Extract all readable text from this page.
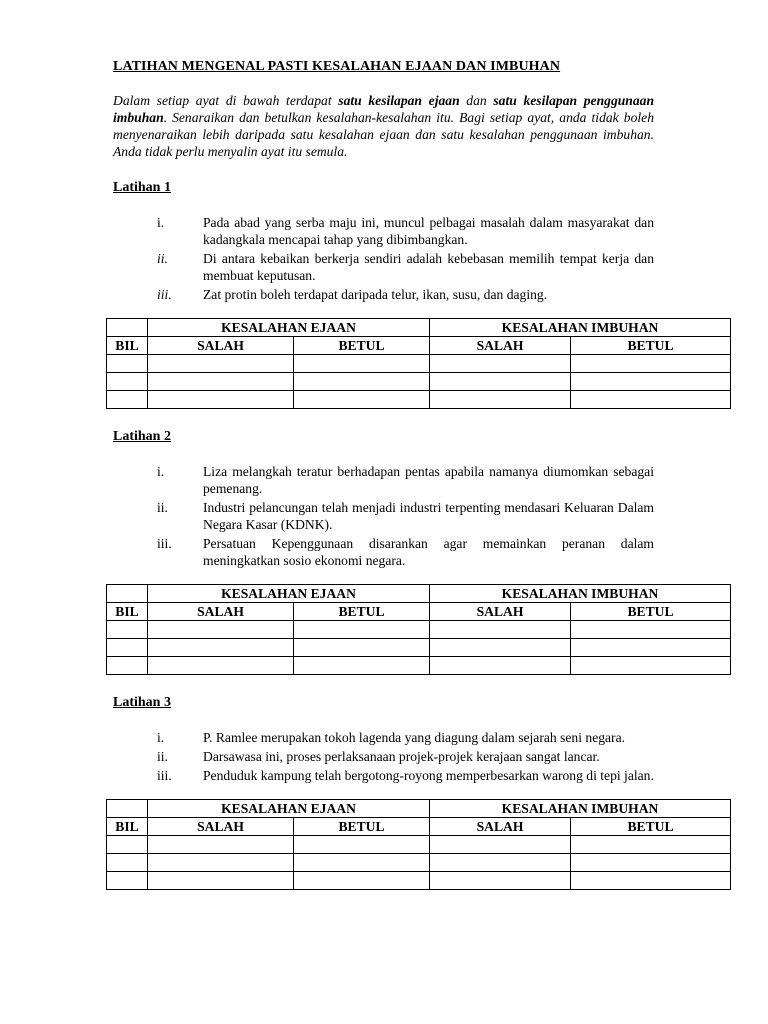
LATIHAN MENGENAL PASTI KESALAHAN EJAAN DAN IMBUHAN
Dalam setiap ayat di bawah terdapat satu kesilapan ejaan dan satu kesilapan penggunaan imbuhan. Senaraikan dan betulkan kesalahan-kesalahan itu. Bagi setiap ayat, anda tidak boleh menyenaraikan lebih daripada satu kesalahan ejaan dan satu kesalahan penggunaan imbuhan. Anda tidak perlu menyalin ayat itu semula.

Latihan 1

i.	Pada abad yang serba maju ini, muncul pelbagai masalah dalam masyarakat dan kadangkala mencapai tahap yang dibimbangkan.
ii.	Di antara kebaikan berkerja sendiri adalah kebebasan memilih tempat kerja dan membuat keputusan.
iii.	Zat protin boleh terdapat daripada telur, ikan, susu, dan daging.
	KESALAHAN EJAAN		KESALAHAN IMBUHAN	
BIL	SALAH	BETUL	SALAH	BETUL

Latihan 2

i.	Liza melangkah teratur berhadapan pentas apabila namanya diumomkan sebagai pemenang.
ii.	Industri pelancungan telah menjadi industri terpenting mendasari Keluaran Dalam Negara Kasar (KDNK).
iii.	Persatuan Kepenggunaan disarankan agar memainkan peranan dalam meningkatkan sosio ekonomi negara.
	KESALAHAN EJAAN		KESALAHAN IMBUHAN	
BIL	SALAH	BETUL	SALAH	BETUL

Latihan 3

i.	P. Ramlee merupakan tokoh lagenda yang diagung dalam sejarah seni negara.
ii.	Darsawasa ini, proses perlaksanaan projek-projek kerajaan sangat lancar.
iii.	Penduduk kampung telah bergotong-royong memperbesarkan warong di tepi jalan.
	KESALAHAN EJAAN		KESALAHAN IMBUHAN	
BIL	SALAH	BETUL	SALAH	BETUL
